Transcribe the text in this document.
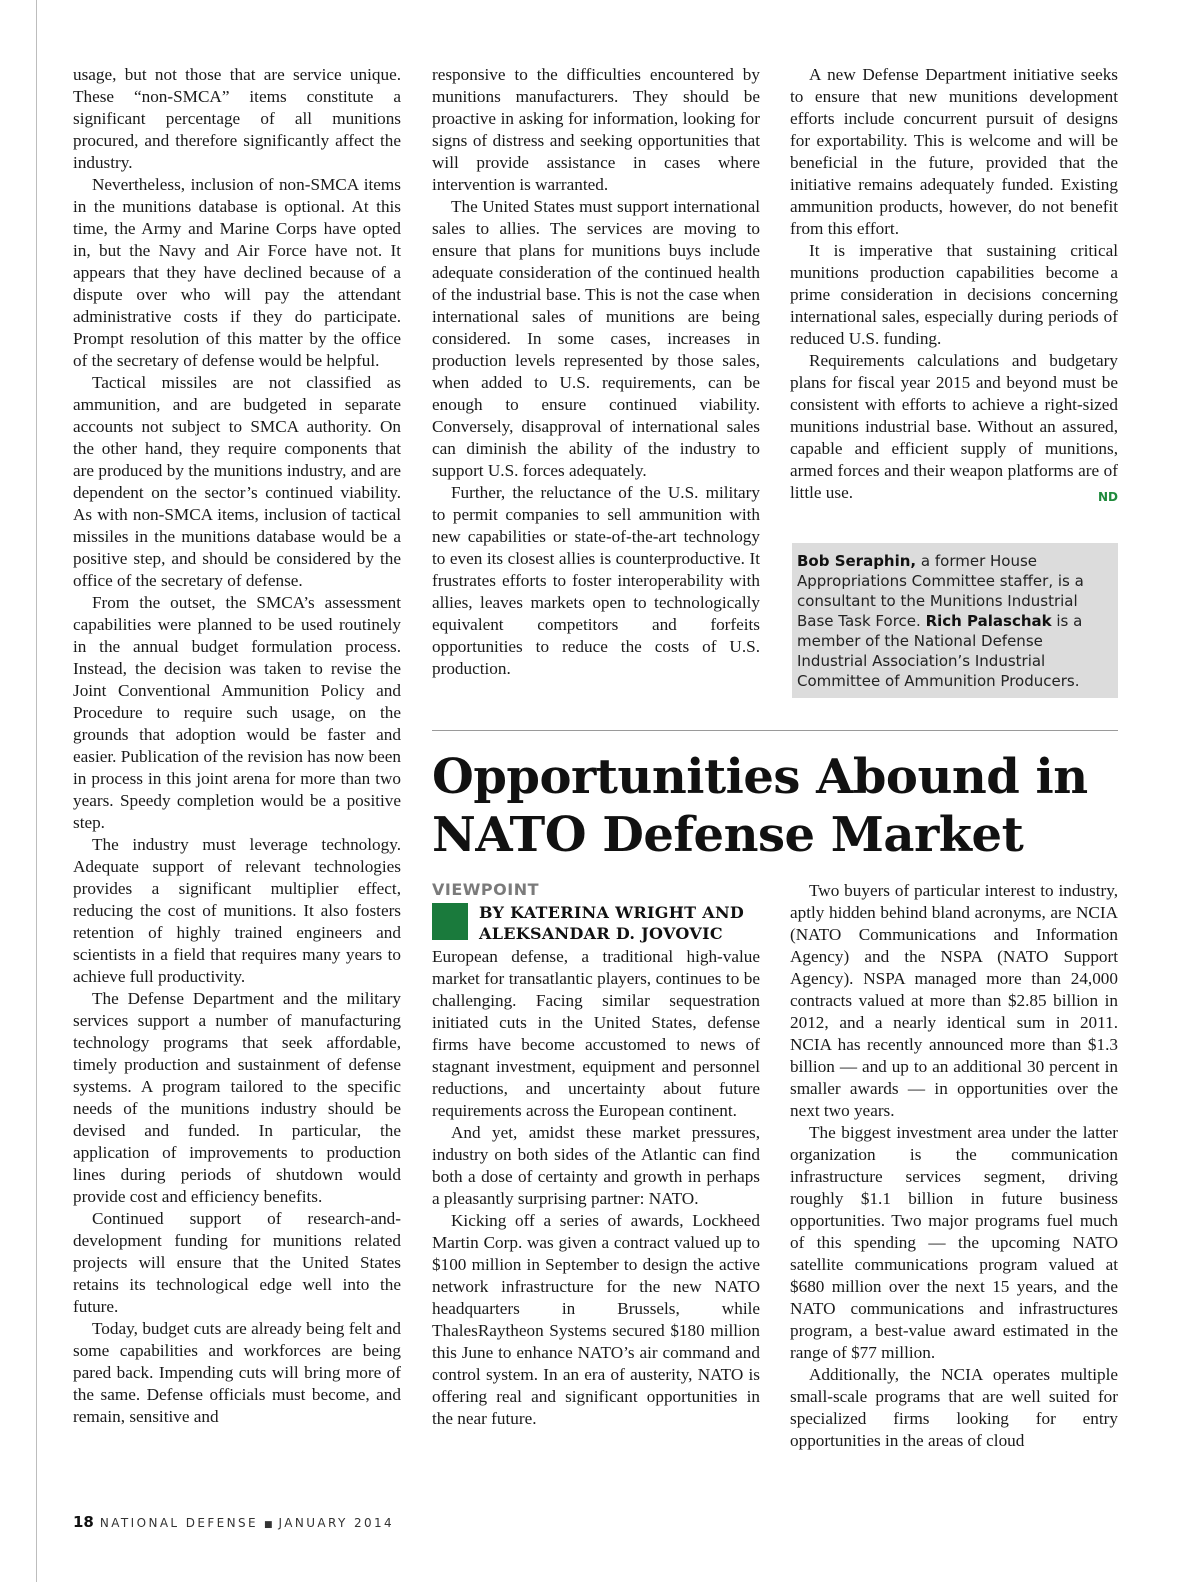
usage, but not those that are service unique. These “non-SMCA” items constitute a significant percentage of all munitions procured, and therefore significantly affect the industry.

Nevertheless, inclusion of non-SMCA items in the munitions database is optional. At this time, the Army and Marine Corps have opted in, but the Navy and Air Force have not. It appears that they have declined because of a dispute over who will pay the attendant administrative costs if they do participate. Prompt resolution of this matter by the office of the secretary of defense would be helpful.

Tactical missiles are not classified as ammunition, and are budgeted in separate accounts not subject to SMCA authority. On the other hand, they require components that are produced by the munitions industry, and are dependent on the sector’s continued viability. As with non-SMCA items, inclusion of tactical missiles in the munitions database would be a positive step, and should be considered by the office of the secretary of defense.

From the outset, the SMCA’s assessment capabilities were planned to be used routinely in the annual budget formulation process. Instead, the decision was taken to revise the Joint Conventional Ammunition Policy and Procedure to require such usage, on the grounds that adoption would be faster and easier. Publication of the revision has now been in process in this joint arena for more than two years. Speedy completion would be a positive step.

The industry must leverage technology. Adequate support of relevant technologies provides a significant multiplier effect, reducing the cost of munitions. It also fosters retention of highly trained engineers and scientists in a field that requires many years to achieve full productivity.

The Defense Department and the military services support a number of manufacturing technology programs that seek affordable, timely production and sustainment of defense systems. A program tailored to the specific needs of the munitions industry should be devised and funded. In particular, the application of improvements to production lines during periods of shutdown would provide cost and efficiency benefits.

Continued support of research-and-development funding for munitions related projects will ensure that the United States retains its technological edge well into the future.

Today, budget cuts are already being felt and some capabilities and workforces are being pared back. Impending cuts will bring more of the same. Defense officials must become, and remain, sensitive and

responsive to the difficulties encountered by munitions manufacturers. They should be proactive in asking for information, looking for signs of distress and seeking opportunities that will provide assistance in cases where intervention is warranted.

The United States must support international sales to allies. The services are moving to ensure that plans for munitions buys include adequate consideration of the continued health of the industrial base. This is not the case when international sales of munitions are being considered. In some cases, increases in production levels represented by those sales, when added to U.S. requirements, can be enough to ensure continued viability. Conversely, disapproval of international sales can diminish the ability of the industry to support U.S. forces adequately.

Further, the reluctance of the U.S. military to permit companies to sell ammunition with new capabilities or state-of-the-art technology to even its closest allies is counterproductive. It frustrates efforts to foster interoperability with allies, leaves markets open to technologically equivalent competitors and forfeits opportunities to reduce the costs of U.S. production.

A new Defense Department initiative seeks to ensure that new munitions development efforts include concurrent pursuit of designs for exportability. This is welcome and will be beneficial in the future, provided that the initiative remains adequately funded. Existing ammunition products, however, do not benefit from this effort.

It is imperative that sustaining critical munitions production capabilities become a prime consideration in decisions concerning international sales, especially during periods of reduced U.S. funding.

Requirements calculations and budgetary plans for fiscal year 2015 and beyond must be consistent with efforts to achieve a right-sized munitions industrial base. Without an assured, capable and efficient supply of munitions, armed forces and their weapon platforms are of little use.	ND

Bob Seraphin, a former House Appropriations Committee staffer, is a consultant to the Munitions Industrial Base Task Force. Rich Palaschak is a member of the National Defense Industrial Association’s Industrial Committee of Ammunition Producers.
Opportunities Abound in NATO Defense Market
VIEWPOINT
BY KATERINA WRIGHT AND ALEKSANDAR D. JOVOVIC

European defense, a traditional high-value market for transatlantic players, continues to be challenging. Facing similar sequestration initiated cuts in the United States, defense firms have become accustomed to news of stagnant investment, equipment and personnel reductions, and uncertainty about future requirements across the European continent.

And yet, amidst these market pressures, industry on both sides of the Atlantic can find both a dose of certainty and growth in perhaps a pleasantly surprising partner: NATO.

Kicking off a series of awards, Lockheed Martin Corp. was given a contract valued up to $100 million in September to design the active network infrastructure for the new NATO headquarters in Brussels, while ThalesRaytheon Systems secured $180 million this June to enhance NATO’s air command and control system. In an era of austerity, NATO is offering real and significant opportunities in the near future.

Two buyers of particular interest to industry, aptly hidden behind bland acronyms, are NCIA (NATO Communications and Information Agency) and the NSPA (NATO Support Agency). NSPA managed more than 24,000 contracts valued at more than $2.85 billion in 2012, and a nearly identical sum in 2011. NCIA has recently announced more than $1.3 billion — and up to an additional 30 percent in smaller awards — in opportunities over the next two years.

The biggest investment area under the latter organization is the communication infrastructure services segment, driving roughly $1.1 billion in future business opportunities. Two major programs fuel much of this spending — the upcoming NATO satellite communications program valued at $680 million over the next 15 years, and the NATO communications and infrastructures program, a best-value award estimated in the range of $77 million.

Additionally, the NCIA operates multiple small-scale programs that are well suited for specialized firms looking for entry opportunities in the areas of cloud

18 NATIONAL DEFENSE ■ JANUARY 2014
